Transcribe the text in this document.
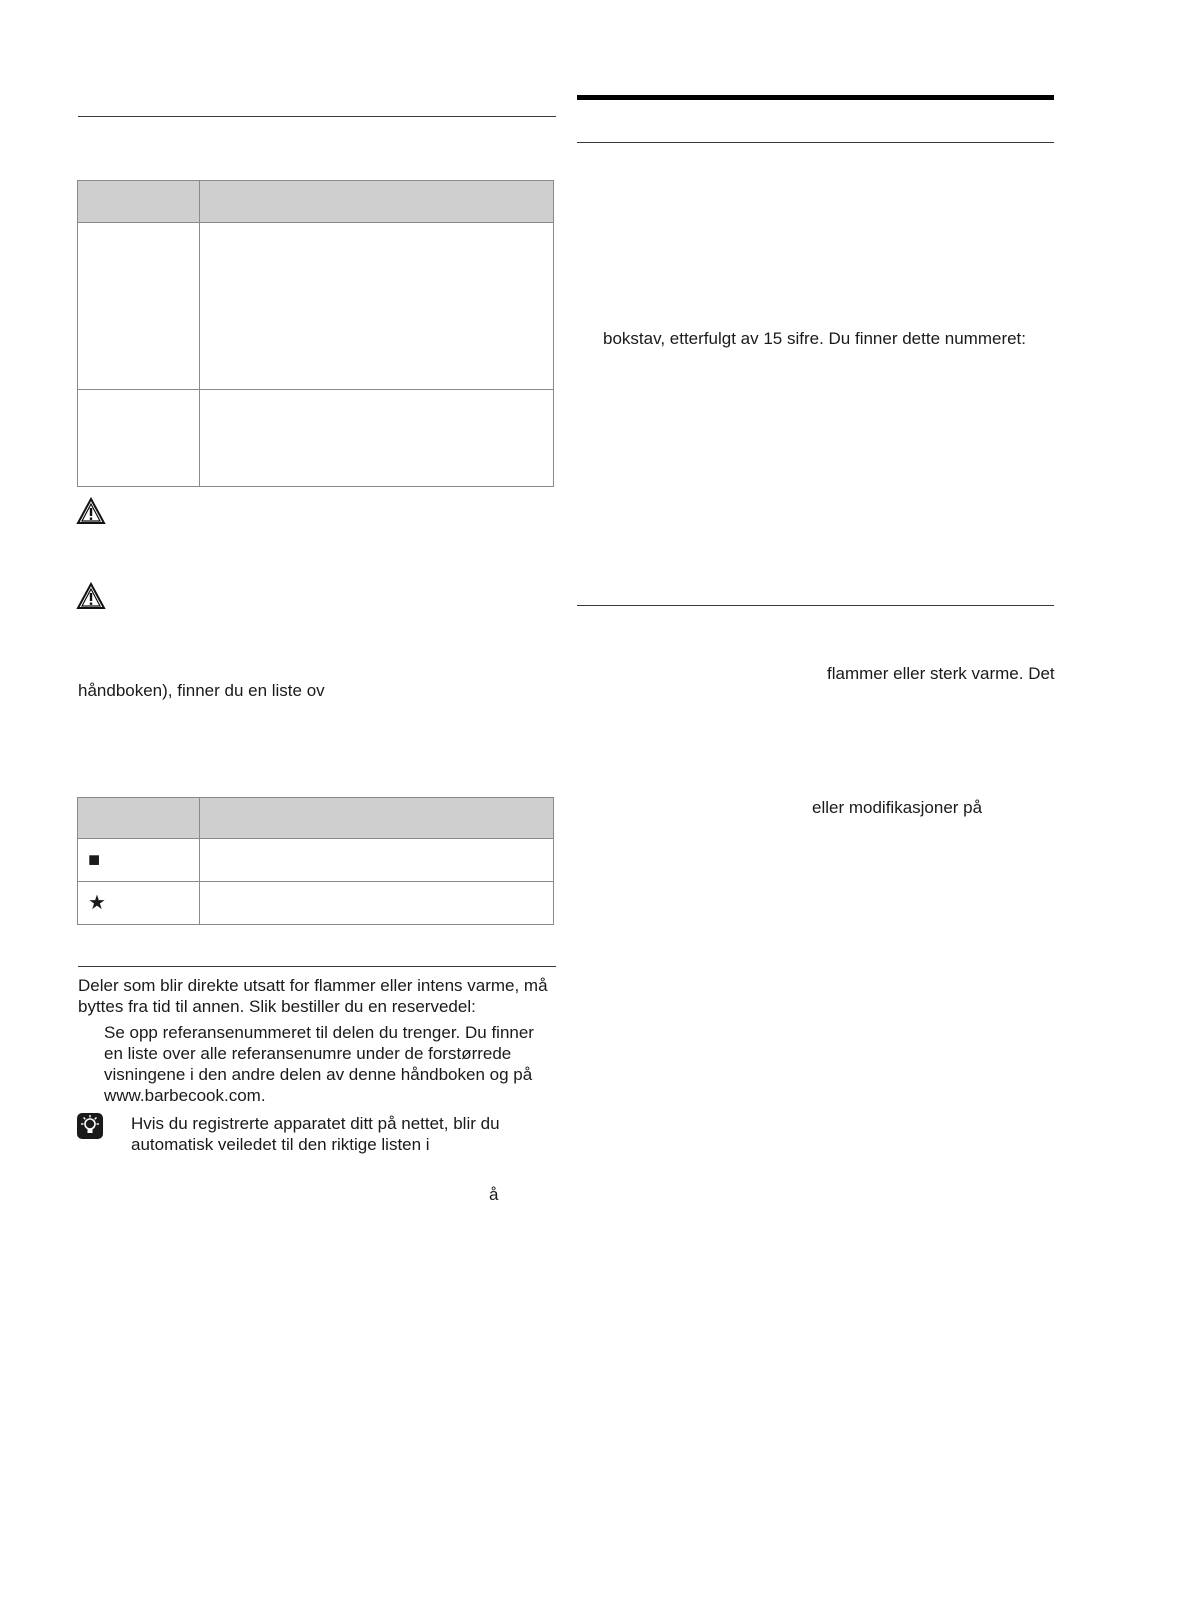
håndboken), finner du en liste ov

■	
★	
Deler som blir direkte utsatt for flammer eller intens varme, må byttes fra tid til annen. Slik bestiller du en reservedel:
Se opp referansenummeret til delen du trenger. Du finner en liste over alle referansenumre under de forstørrede visningene i den andre delen av denne håndboken og på www.barbecook.com.
Hvis du registrerte apparatet ditt på nettet, blir du automatisk veiledet til den riktige listen i
å
bokstav, etterfulgt av 15 sifre. Du finner dette nummeret:
flammer eller sterk varme. Det
eller modifikasjoner på
